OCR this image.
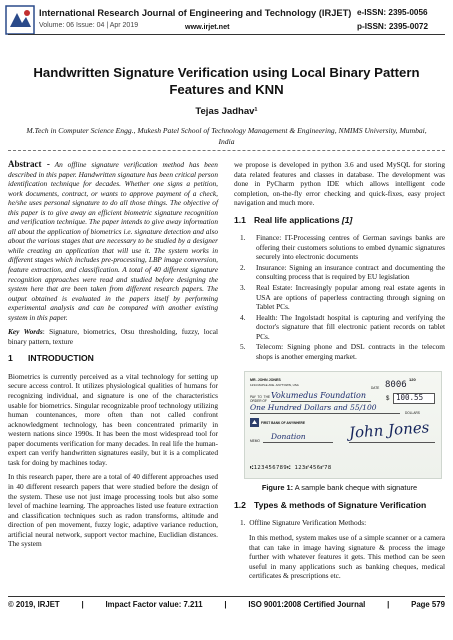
International Research Journal of Engineering and Technology (IRJET) e-ISSN: 2395-0056
Volume: 06 Issue: 04 | Apr 2019	www.irjet.net	p-ISSN: 2395-0072
Handwritten Signature Verification using Local Binary Pattern Features and KNN
Tejas Jadhav¹
M.Tech in Computer Science Engg., Mukesh Patel School of Technology Management & Engineering, NMIMS University, Mumbai, India

Abstract - An offline signature verification method has been described in this paper. Handwritten signature has been critical person identification technique for decades. Whether one signs a petition, work documents, contract, or wants to approve payment of a check, he/she uses personal signature to do all those things. The objective of this paper is to give away an efficient biometric signature recognition and verification technique. The paper intends to give away information all about the application of biometrics i.e. signature detection and also about the various stages that are necessary to be studied by a designer while creating an application that will use it. The system works in different stages which includes pre-processing, LBP image conversion, feature extraction, and classification. A total of 40 different signature recognition approaches were read and studied before designing the system here that are been taken from different research papers. The output obtained is evaluated in the papers itself by performing experimental analysis and can be compared with another existing system in this paper.

Key Words: Signature, biometrics, Otsu thresholding, fuzzy, local binary pattern, texture

1 INTRODUCTION

Biometrics is currently perceived as a vital technology for setting up secure access control. It utilizes physiological qualities of humans for recognizing individual, and signature is one of the characteristics usable for biometrics. Singular recognizable proof technology utilizing human countenances, more often than not called confront acknowledgment technology, has been concentrated primarily in western nations since 1990s. It has been the most widespread tool for paper documents verification for many decades. In real life the human-expert can verify handwritten signatures easily, but it is a complicated task for doing by machines today.

In this research paper, there are a total of 40 different approaches used in 40 different research papers that were studied before the design of the system. These use not just image processing tools but also some level of machine learning. The approaches listed use feature extraction and classification techniques such as radon transforms, altitude and direction of pen movement, fuzzy logic, adaptive variance reduction, artificial neural network, support vector machine, Euclidian distances. The system

we propose is developed in python 3.6 and used MySQL for storing data related features and classes in database. The development was done in PyCharm python IDE which allows intelligent code completion, on-the-fly error checking and quick-fixes, easy project navigation and much more.

1.1 Real life applications [1]
1. Finance: IT-Processing centres of German savings banks are offering their customers solutions to embed dynamic signatures securely into electronic documents
2. Insurance: Signing an insurance contract and documenting the consulting process that is required by EU legislation
3. Real Estate: Increasingly popular among real estate agents in USA are options of paperless contracting through signing on Tablet PCs.
4. Health: The Ingolstadt hospital is capturing and verifying the doctor's signature that fill electronic patient records on tablet PCs.
5. Telecom: Signing phone and DSL contracts in the telecom shops is another emerging market.
MR. JOHN JONES
1234 MAPLE AVE. ANYTOWN, USA
120
DATE 8006
PAY TO THE ORDER OF
Vokumedus Foundation	$ 100.55
One Hundred Dollars and 55/100
DOLLARS
FIRST BANK OF ANYWHERE
MEMO Donation	John Jones
⑆123456789⑆ 123⑈456⑈78

Figure 1: A sample bank cheque with signature

1.2 Types & methods of Signature Verification

1. Offline Signature Verification Methods:

In this method, system makes use of a simple scanner or a camera that can take in image having signature & process the image further with whatever features it gets. This method can be seen useful in many applications such as banking cheques, medical certificates & prescriptions etc.

© 2019, IRJET	|	Impact Factor value: 7.211	|	ISO 9001:2008 Certified Journal	|	Page 579
